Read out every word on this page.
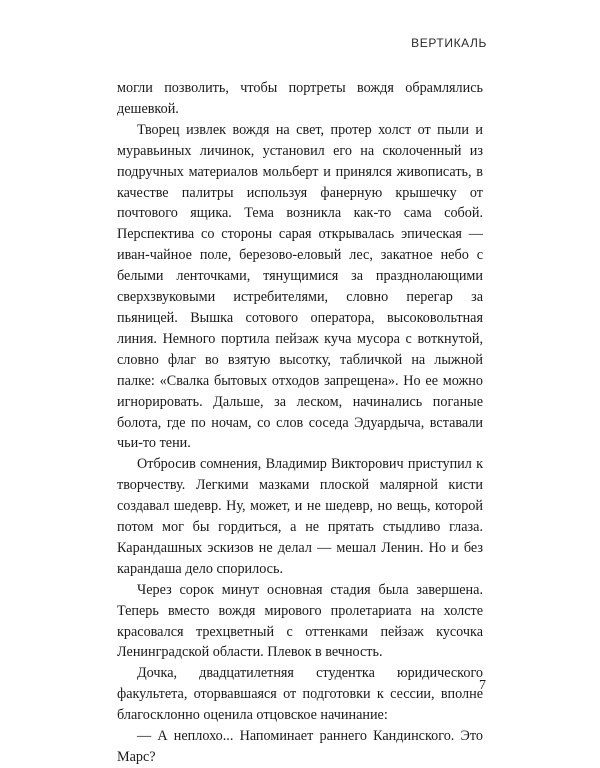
ВЕРТИКАЛЬ

могли позволить, чтобы портреты вождя обрамлялись дешевкой.

Творец извлек вождя на свет, протер холст от пыли и муравьиных личинок, установил его на сколоченный из подручных материалов мольберт и принялся живописать, в качестве палитры используя фанерную крышечку от почтового ящика. Тема возникла как-то сама собой. Перспектива со стороны сарая открывалась эпическая — иван-чайное поле, березово-еловый лес, закатное небо с белыми ленточками, тянущимися за празднолающими сверхзвуковыми истребителями, словно перегар за пьяницей. Вышка сотового оператора, высоковольтная линия. Немного портила пейзаж куча мусора с воткнутой, словно флаг во взятую высотку, табличкой на лыжной палке: «Свалка бытовых отходов запрещена». Но ее можно игнорировать. Дальше, за леском, начинались поганые болота, где по ночам, со слов соседа Эдуардыча, вставали чьи-то тени.

Отбросив сомнения, Владимир Викторович приступил к творчеству. Легкими мазками плоской малярной кисти создавал шедевр. Ну, может, и не шедевр, но вещь, которой потом мог бы гордиться, а не прятать стыдливо глаза. Карандашных эскизов не делал — мешал Ленин. Но и без карандаша дело спорилось.

Через сорок минут основная стадия была завершена. Теперь вместо вождя мирового пролетариата на холсте красовался трехцветный с оттенками пейзаж кусочка Ленинградской области. Плевок в вечность.

Дочка, двадцатилетняя студентка юридического факультета, оторвавшаяся от подготовки к сессии, вполне благосклонно оценила отцовское начинание:

— А неплохо... Напоминает раннего Кандинского. Это Марс?

7
